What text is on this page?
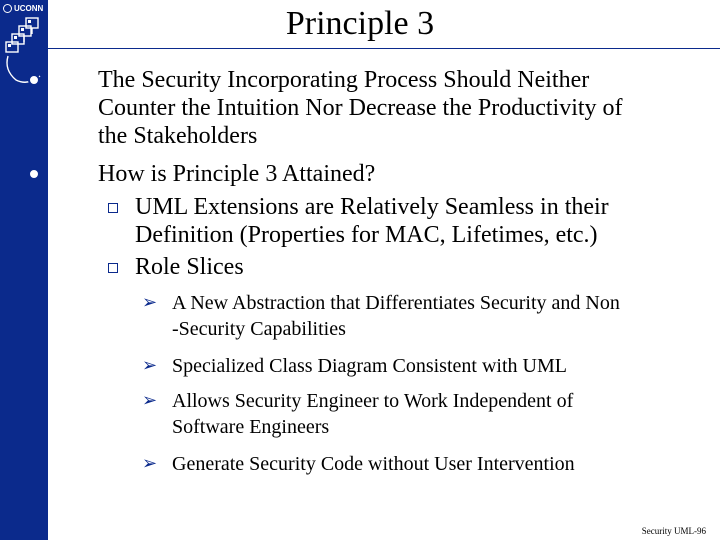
UCONN	Principle 3
The Security Incorporating Process Should Neither
Counter the Intuition Nor Decrease the Productivity of
the Stakeholders
How is Principle 3 Attained?
UML Extensions are Relatively Seamless in their
Definition (Properties for MAC, Lifetimes, etc.)
Role Slices
➢ A New Abstraction that Differentiates Security and Non
-Security Capabilities
➢ Specialized Class Diagram Consistent with UML
➢ Allows Security Engineer to Work Independent of
Software Engineers
➢ Generate Security Code without User Intervention
Security UML-96
